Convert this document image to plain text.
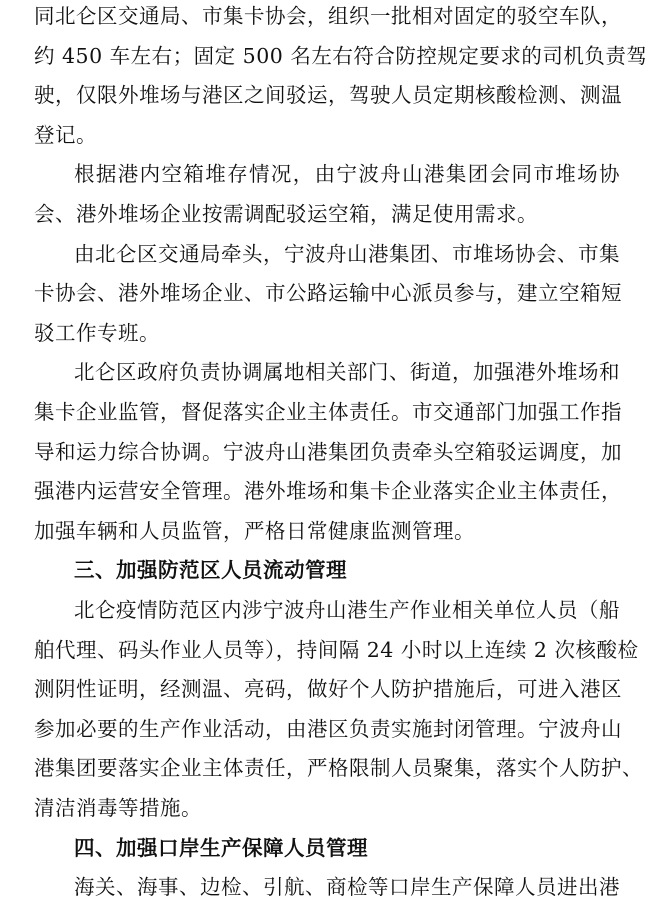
同北仑区交通局、市集卡协会，组织一批相对固定的驳空车队，
约 450 车左右；固定 500 名左右符合防控规定要求的司机负责驾
驶，仅限外堆场与港区之间驳运，驾驶人员定期核酸检测、测温
登记。
根据港内空箱堆存情况，由宁波舟山港集团会同市堆场协
会、港外堆场企业按需调配驳运空箱，满足使用需求。
由北仑区交通局牵头，宁波舟山港集团、市堆场协会、市集
卡协会、港外堆场企业、市公路运输中心派员参与，建立空箱短
驳工作专班。
北仑区政府负责协调属地相关部门、街道，加强港外堆场和
集卡企业监管，督促落实企业主体责任。市交通部门加强工作指
导和运力综合协调。宁波舟山港集团负责牵头空箱驳运调度，加
强港内运营安全管理。港外堆场和集卡企业落实企业主体责任，
加强车辆和人员监管，严格日常健康监测管理。
三、加强防范区人员流动管理
北仑疫情防范区内涉宁波舟山港生产作业相关单位人员（船
舶代理、码头作业人员等），持间隔 24 小时以上连续 2 次核酸检
测阴性证明，经测温、亮码，做好个人防护措施后，可进入港区
参加必要的生产作业活动，由港区负责实施封闭管理。宁波舟山
港集团要落实企业主体责任，严格限制人员聚集，落实个人防护、
清洁消毒等措施。
四、加强口岸生产保障人员管理
海关、海事、边检、引航、商检等口岸生产保障人员进出港
